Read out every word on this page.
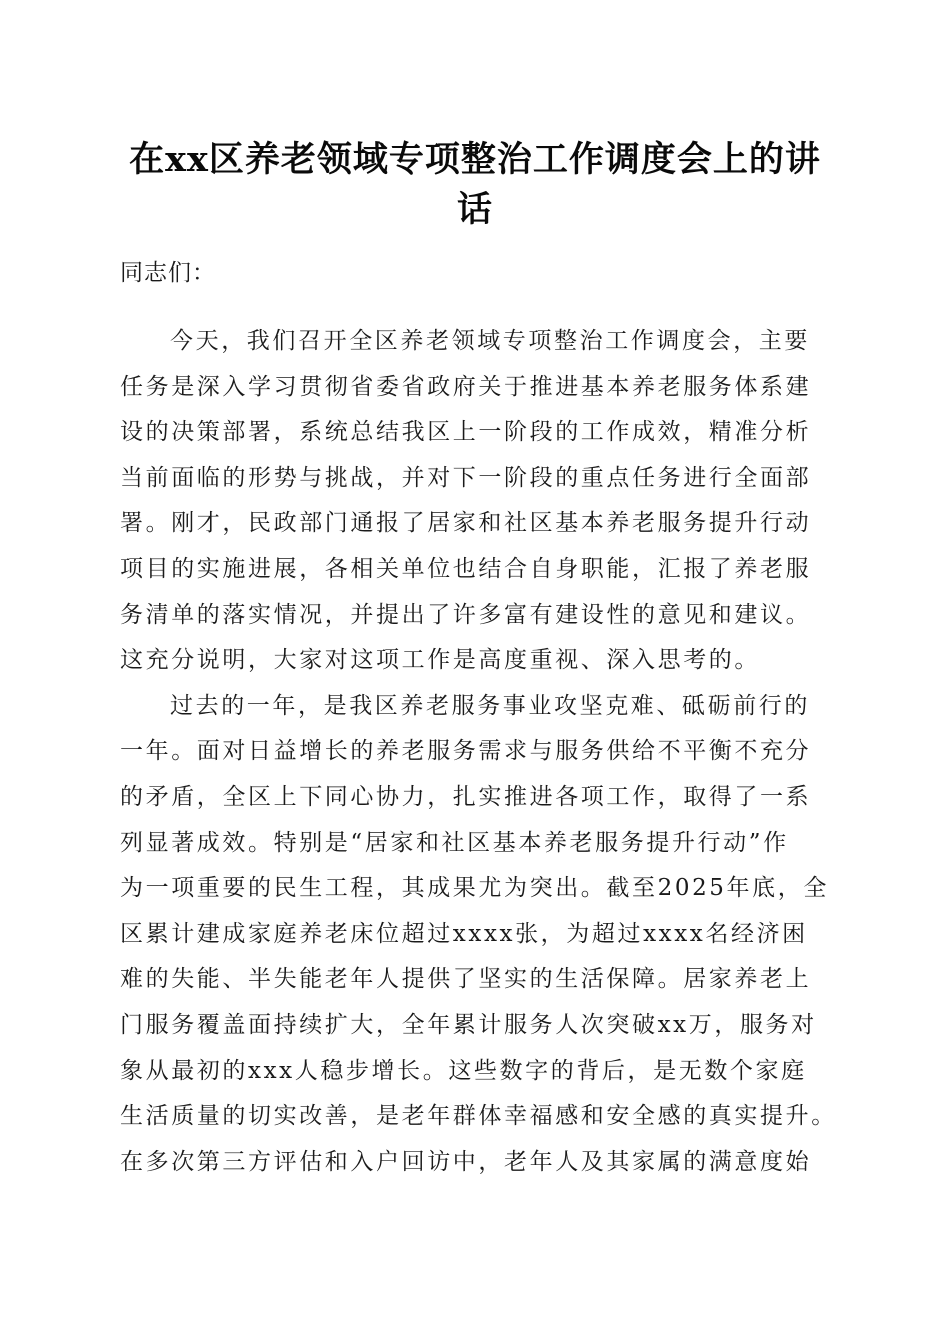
在xx区养老领域专项整治工作调度会上的讲
话
同志们：
今天，我们召开全区养老领域专项整治工作调度会，主要
任务是深入学习贯彻省委省政府关于推进基本养老服务体系建
设的决策部署，系统总结我区上一阶段的工作成效，精准分析
当前面临的形势与挑战，并对下一阶段的重点任务进行全面部
署。刚才，民政部门通报了居家和社区基本养老服务提升行动
项目的实施进展，各相关单位也结合自身职能，汇报了养老服
务清单的落实情况，并提出了许多富有建设性的意见和建议。
这充分说明，大家对这项工作是高度重视、深入思考的。
过去的一年，是我区养老服务事业攻坚克难、砥砺前行的
一年。面对日益增长的养老服务需求与服务供给不平衡不充分
的矛盾，全区上下同心协力，扎实推进各项工作，取得了一系
列显著成效。特别是“居家和社区基本养老服务提升行动”作
为一项重要的民生工程，其成果尤为突出。截至2025年底，全
区累计建成家庭养老床位超过xxxx张，为超过xxxx名经济困
难的失能、半失能老年人提供了坚实的生活保障。居家养老上
门服务覆盖面持续扩大，全年累计服务人次突破xx万，服务对
象从最初的xxx人稳步增长。这些数字的背后，是无数个家庭
生活质量的切实改善，是老年群体幸福感和安全感的真实提升。
在多次第三方评估和入户回访中，老年人及其家属的满意度始
